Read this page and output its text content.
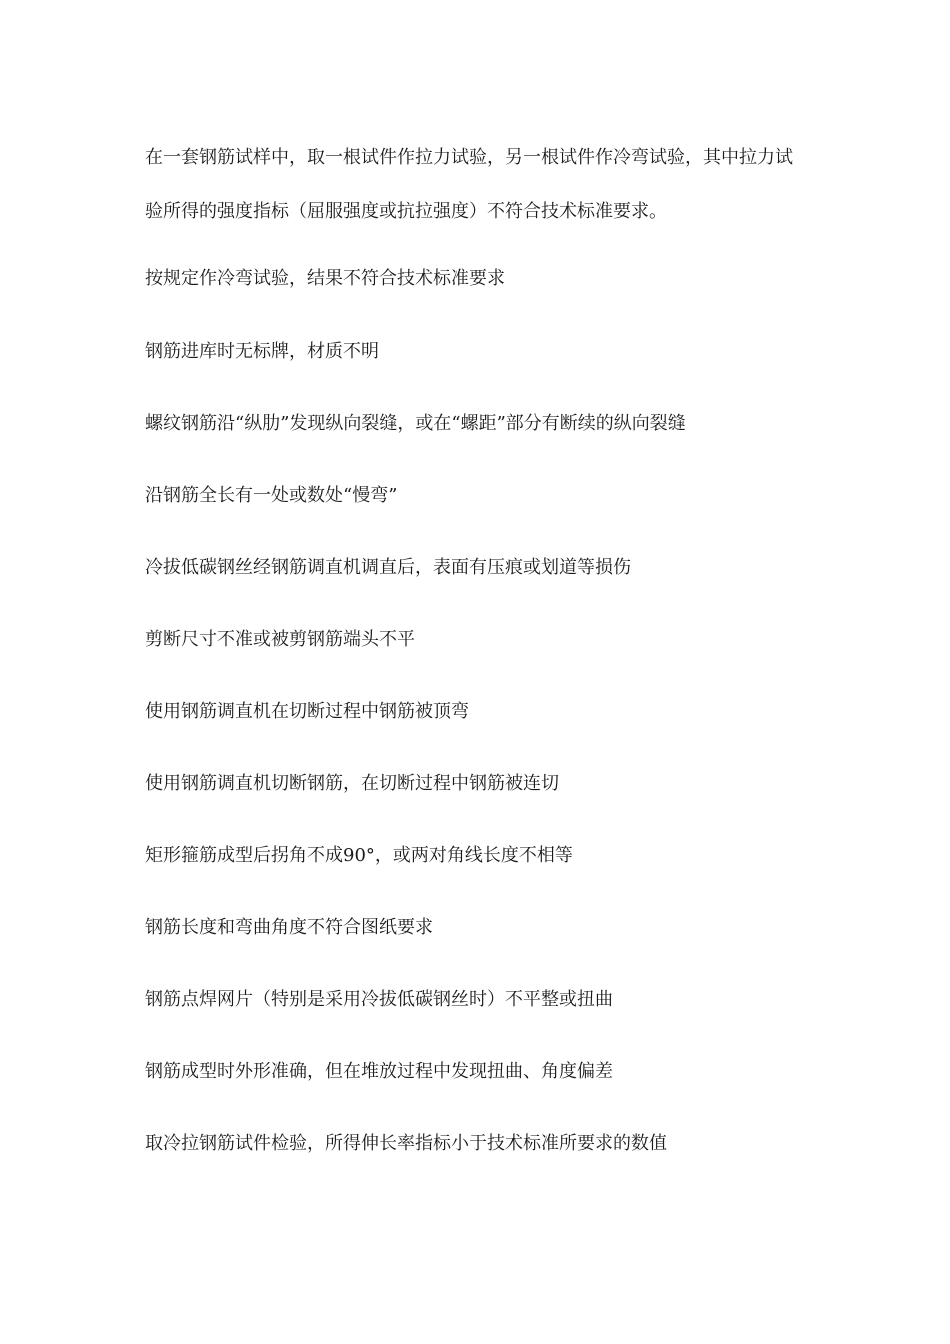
在一套钢筋试样中，取一根试件作拉力试验，另一根试件作冷弯试验，其中拉力试验所得的强度指标（屈服强度或抗拉强度）不符合技术标准要求。

按规定作冷弯试验，结果不符合技术标准要求

钢筋进库时无标牌，材质不明

螺纹钢筋沿“纵肋”发现纵向裂缝，或在“螺距”部分有断续的纵向裂缝

沿钢筋全长有一处或数处“慢弯”

冷拔低碳钢丝经钢筋调直机调直后，表面有压痕或划道等损伤

剪断尺寸不准或被剪钢筋端头不平

使用钢筋调直机在切断过程中钢筋被顶弯

使用钢筋调直机切断钢筋，在切断过程中钢筋被连切

矩形箍筋成型后拐角不成90°，或两对角线长度不相等

钢筋长度和弯曲角度不符合图纸要求

钢筋点焊网片（特别是采用冷拔低碳钢丝时）不平整或扭曲

钢筋成型时外形准确，但在堆放过程中发现扭曲、角度偏差

取冷拉钢筋试件检验，所得伸长率指标小于技术标准所要求的数值
